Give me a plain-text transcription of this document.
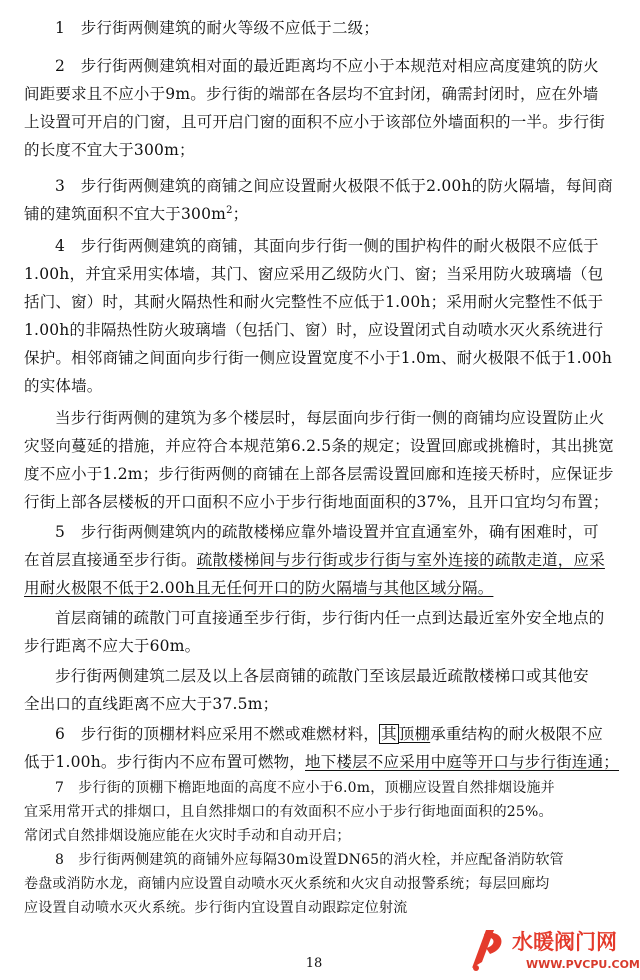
1　步行街两侧建筑的耐火等级不应低于二级；
2　步行街两侧建筑相对面的最近距离均不应小于本规范对相应高度建筑的防火
间距要求且不应小于9m。步行街的端部在各层均不宜封闭，确需封闭时，应在外墙
上设置可开启的门窗，且可开启门窗的面积不应小于该部位外墙面积的一半。步行街
的长度不宜大于300m；
3　步行街两侧建筑的商铺之间应设置耐火极限不低于2.00h的防火隔墙，每间商
铺的建筑面积不宜大于$300m^2$；
4　步行街两侧建筑的商铺，其面向步行街一侧的围护构件的耐火极限不应低于
1.00h，并宜采用实体墙，其门、窗应采用乙级防火门、窗；当采用防火玻璃墙（包
括门、窗）时，其耐火隔热性和耐火完整性不应低于1.00h；采用耐火完整性不低于
1.00h的非隔热性防火玻璃墙（包括门、窗）时，应设置闭式自动喷水灭火系统进行
保护。相邻商铺之间面向步行街一侧应设置宽度不小于1.0m、耐火极限不低于1.00h
的实体墙。
当步行街两侧的建筑为多个楼层时，每层面向步行街一侧的商铺均应设置防止火
灾竖向蔓延的措施，并应符合本规范第6.2.5条的规定；设置回廊或挑檐时，其出挑宽
度不应小于1.2m；步行街两侧的商铺在上部各层需设置回廊和连接天桥时，应保证步
行街上部各层楼板的开口面积不应小于步行街地面面积的37%，且开口宜均匀布置；
5　步行街两侧建筑内的疏散楼梯应靠外墙设置并宜直通室外，确有困难时，可
在首层直接通至步行街。疏散楼梯间与步行街或步行街与室外连接的疏散走道，应采
用耐火极限不低于2.00h且无任何开口的防火隔墙与其他区域分隔。
首层商铺的疏散门可直接通至步行街，步行街内任一点到达最近室外安全地点的
步行距离不应大于60m。
步行街两侧建筑二层及以上各层商铺的疏散门至该层最近疏散楼梯口或其他安
全出口的直线距离不应大于37.5m；
6　步行街的顶棚材料应采用不燃或难燃材料， 其 顶棚承重结构的耐火极限不应
低于1.00h。步行街内不应布置可燃物，地下楼层不应采用中庭等开口与步行街连通；
7　步行街的顶棚下檐距地面的高度不应小于6.0m，顶棚应设置自然排烟设施并
宜采用常开式的排烟口，且自然排烟口的有效面积不应小于步行街地面面积的25%。
常闭式自然排烟设施应能在火灾时手动和自动开启；
18
水暖阀门网
WWW.PVCPU.COM
8　步行街两侧建筑的商铺外应每隔30m设置DN65的消火栓，并应配备消防软管
卷盘或消防水龙，商铺内应设置自动喷水灭火系统和火灾自动报警系统；每层回廊均
应设置自动喷水灭火系统。步行街内宜设置自动跟踪定位射流
